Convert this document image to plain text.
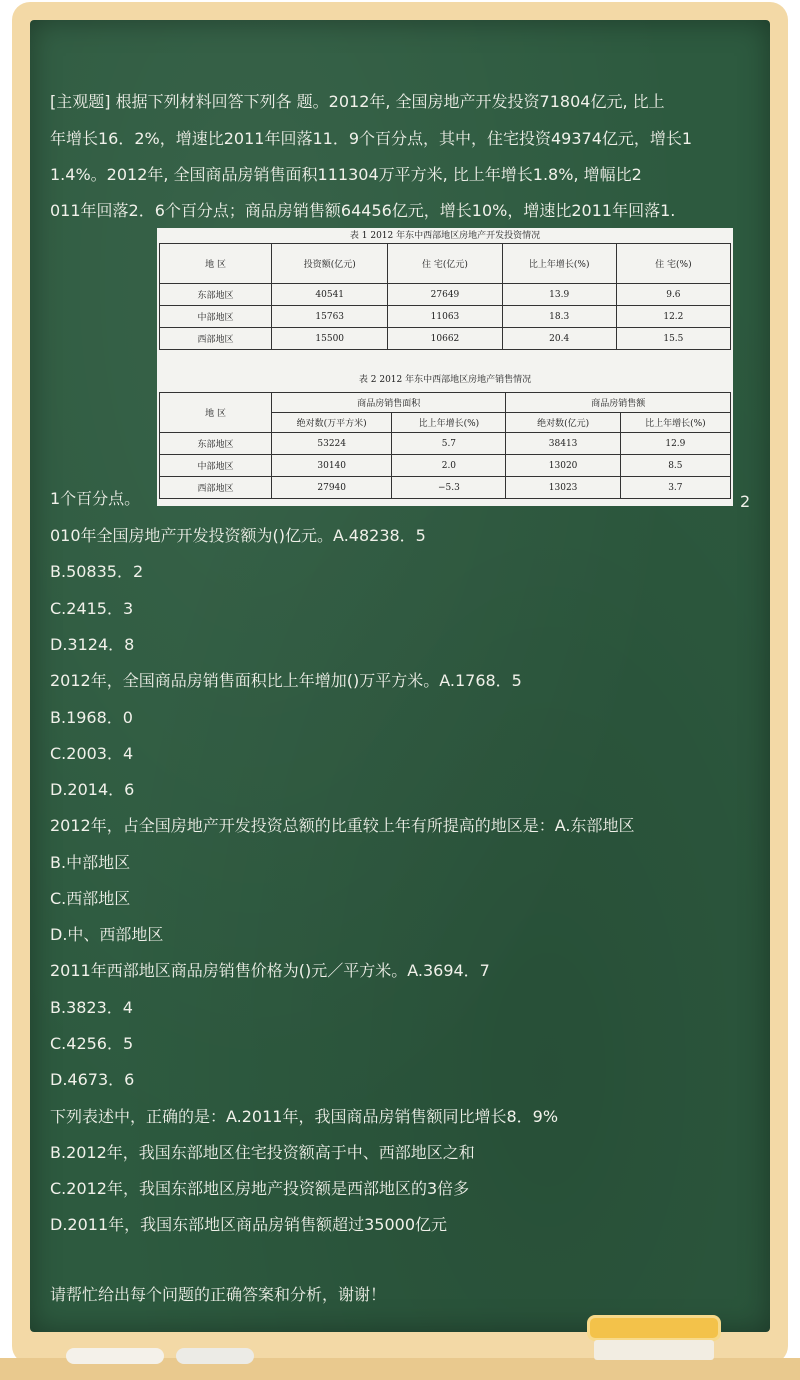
[主观题] 根据下列材料回答下列各 题。2012年, 全国房地产开发投资71804亿元, 比上
年增长16．2%，增速比2011年回落11．9个百分点，其中，住宅投资49374亿元，增长1
1.4%。2012年, 全国商品房销售面积111304万平方米, 比上年增长1.8%, 增幅比2
011年回落2．6个百分点；商品房销售额64456亿元，增长10%，增速比2011年回落1.
1个百分点。	2
010年全国房地产开发投资额为()亿元。A.48238．5
B.50835．2
C.2415．3
D.3124．8
2012年，全国商品房销售面积比上年增加()万平方米。A.1768．5
B.1968．0
C.2003．4
D.2014．6
2012年，占全国房地产开发投资总额的比重较上年有所提高的地区是：A.东部地区
B.中部地区
C.西部地区
D.中、西部地区
2011年西部地区商品房销售价格为()元／平方米。A.3694．7
B.3823．4
C.4256．5
D.4673．6
下列表述中，正确的是：A.2011年，我国商品房销售额同比增长8．9%
B.2012年，我国东部地区住宅投资额高于中、西部地区之和
C.2012年，我国东部地区房地产投资额是西部地区的3倍多
D.2011年，我国东部地区商品房销售额超过35000亿元
请帮忙给出每个问题的正确答案和分析，谢谢！
表 1 2012 年东中西部地区房地产开发投资情况
地 区	投资额(亿元)	住 宅(亿元)	比上年增长(%)	住 宅(%)
东部地区	40541	27649	13.9	9.6
中部地区	15763	11063	18.3	12.2
西部地区	15500	10662	20.4	15.5
表 2 2012 年东中西部地区房地产销售情况
地 区	商品房销售面积		商品房销售额	
	绝对数(万平方米)	比上年增长(%)	绝对数(亿元)	比上年增长(%)
东部地区	53224	5.7	38413	12.9
中部地区	30140	2.0	13020	8.5
西部地区	27940	−5.3	13023	3.7
